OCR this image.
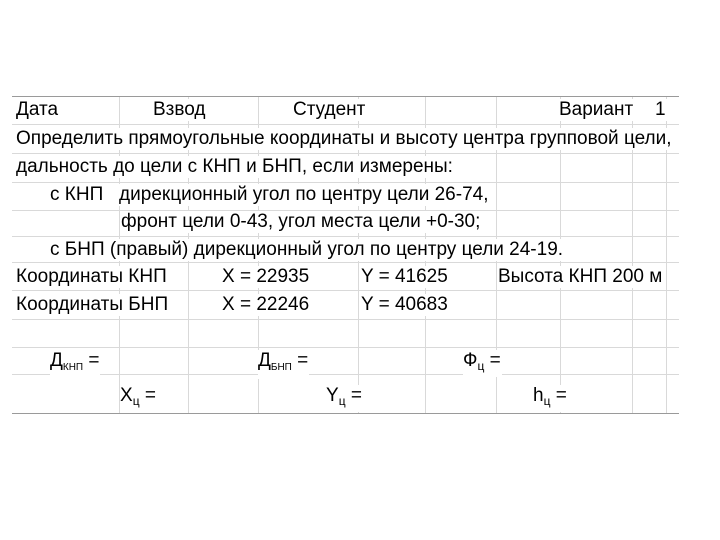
Дата	Взвод	Студент	Вариант 1
Определить прямоугольные координаты и высоту центра групповой цели,
дальность до цели с КНП и БНП, если измерены:
с КНП   дирекционный угол по центру цели 26-74,
фронт цели 0-43, угол места цели +0-30;
с БНП (правый) дирекционный угол по центру цели 24-19.
Координаты КНП	X = 22935	Y = 41625	Высота КНП 200 м
Координаты БНП	X = 22246	Y = 40683
$Д_{КНП}$ =	$Д_{БНП}$ =	$Ф_ц$ =
$X_ц$ =	$Y_ц$ =	$h_ц$ =
